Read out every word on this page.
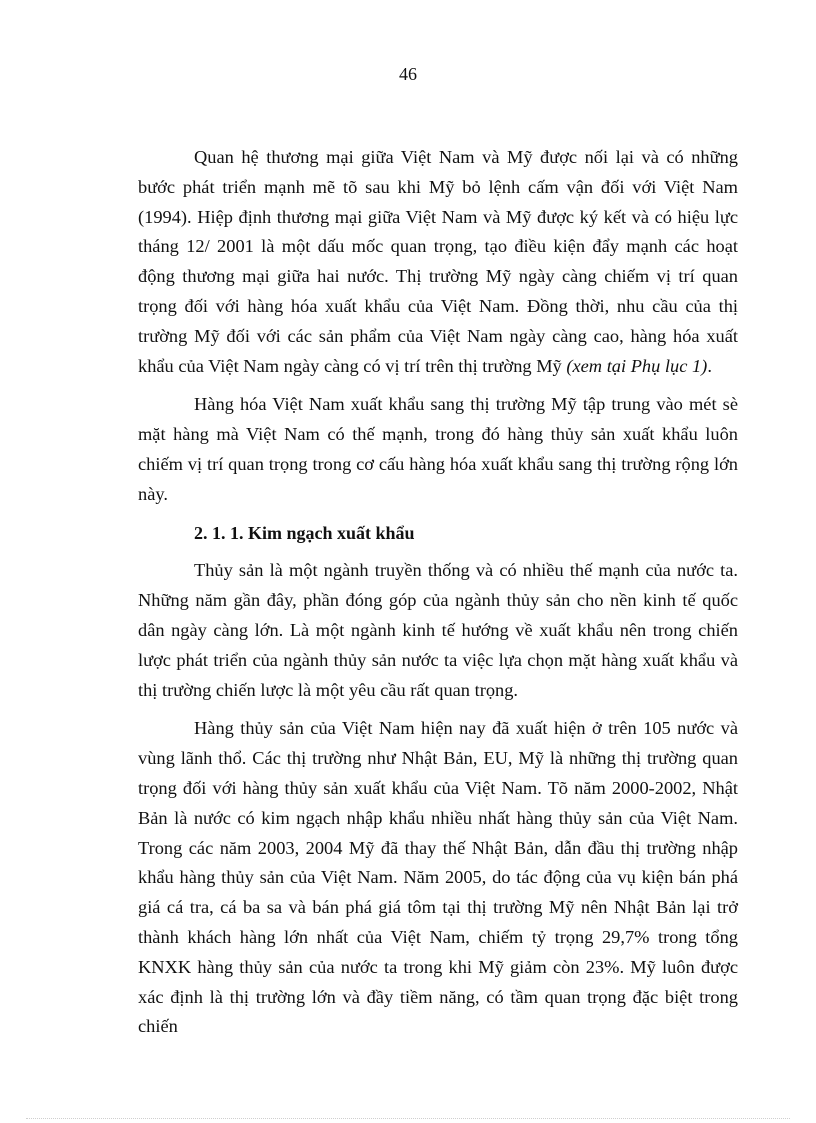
46

Quan hệ thương mại giữa Việt Nam và Mỹ được nối lại và có những bước phát triển mạnh mẽ tõ sau khi Mỹ bỏ lệnh cấm vận đối với Việt Nam (1994). Hiệp định thương mại giữa Việt Nam và Mỹ được ký kết và có hiệu lực tháng 12/ 2001 là một dấu mốc quan trọng, tạo điều kiện đẩy mạnh các hoạt động thương mại giữa hai nước. Thị trường Mỹ ngày càng chiếm vị trí quan trọng đối với hàng hóa xuất khẩu của Việt Nam. Đồng thời, nhu cầu của thị trường Mỹ đối với các sản phẩm của Việt Nam ngày càng cao, hàng hóa xuất khẩu của Việt Nam ngày càng có vị trí trên thị trường Mỹ (xem tại Phụ lục 1).

Hàng hóa Việt Nam xuất khẩu sang thị trường Mỹ tập trung vào mét sè mặt hàng mà Việt Nam có thế mạnh, trong đó hàng thủy sản xuất khẩu luôn chiếm vị trí quan trọng trong cơ cấu hàng hóa xuất khẩu sang thị trường rộng lớn này.

2. 1. 1. Kim ngạch xuất khẩu

Thủy sản là một ngành truyền thống và có nhiều thế mạnh của nước ta. Những năm gần đây, phần đóng góp của ngành thủy sản cho nền kinh tế quốc dân ngày càng lớn. Là một ngành kinh tế hướng về xuất khẩu nên trong chiến lược phát triển của ngành thủy sản nước ta việc lựa chọn mặt hàng xuất khẩu và thị trường chiến lược là một yêu cầu rất quan trọng.

Hàng thủy sản của Việt Nam hiện nay đã xuất hiện ở trên 105 nước và vùng lãnh thổ. Các thị trường như Nhật Bản, EU, Mỹ là những thị trường quan trọng đối với hàng thủy sản xuất khẩu của Việt Nam. Tõ năm 2000-2002, Nhật Bản là nước có kim ngạch nhập khẩu nhiều nhất hàng thủy sản của Việt Nam. Trong các năm 2003, 2004 Mỹ đã thay thế Nhật Bản, dẫn đầu thị trường nhập khẩu hàng thủy sản của Việt Nam. Năm 2005, do tác động của vụ kiện bán phá giá cá tra, cá ba sa và bán phá giá tôm tại thị trường Mỹ nên Nhật Bản lại trở thành khách hàng lớn nhất của Việt Nam, chiếm tỷ trọng 29,7% trong tổng KNXK hàng thủy sản của nước ta trong khi Mỹ giảm còn 23%. Mỹ luôn được xác định là thị trường lớn và đầy tiềm năng, có tầm quan trọng đặc biệt trong chiến
